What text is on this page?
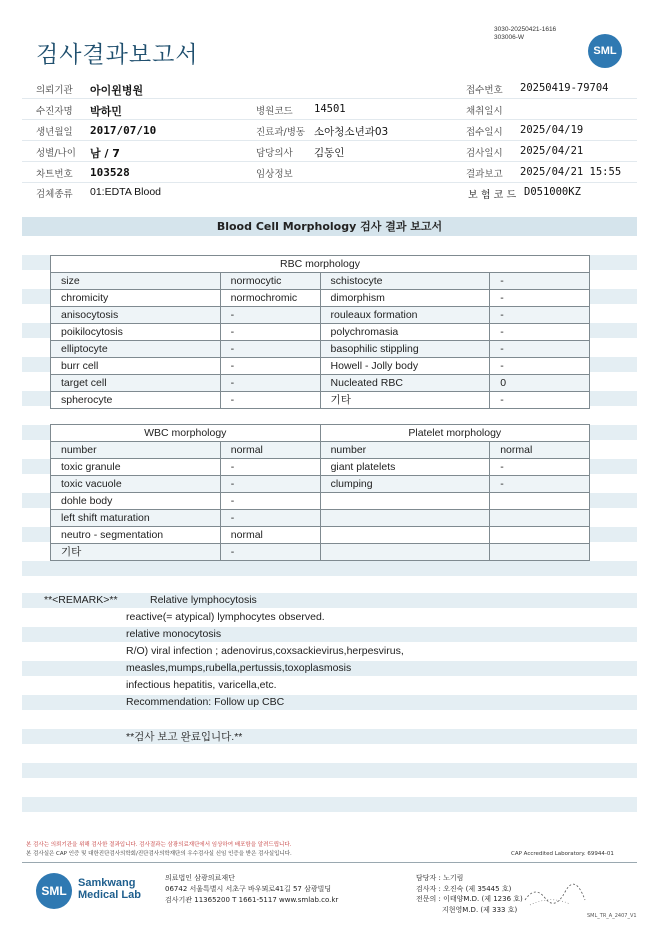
검사결과보고서
3030-20250421-1616
303006-W
SML
의뢰기관 아이윈병원	접수번호 20250419-79704
수진자명 박하민	병원코드 14501	채취일시
생년월일 2017/07/10	진료과/병동 소아청소년과03	접수일시 2025/04/19
성별/나이 남 / 7	담당의사 김동인	검사일시 2025/04/21
차트번호 103528	임상정보	결과보고 2025/04/21 15:55
검체종류 01:EDTA Blood	보 험 코 드 D051000KZ
Blood Cell Morphology 검사 결과 보고서
RBC morphology			
size	normocytic	schistocyte	-
chromicity	normochromic	dimorphism	-
anisocytosis	-	rouleaux formation	-
poikilocytosis	-	polychromasia	-
elliptocyte	-	basophilic stippling	-
burr cell	-	Howell - Jolly body	-
target cell	-	Nucleated RBC	0
spherocyte	-	기타	-
WBC morphology		Platelet morphology	
number	normal	number	normal
toxic granule	-	giant platelets	-
toxic vacuole	-	clumping	-
dohle body	-		
left shift maturation	-		
neutro - segmentation	normal		
기타	-		
**<REMARK>**	Relative lymphocytosis
reactive(= atypical) lymphocytes observed.
relative monocytosis
R/O) viral infection ; adenovirus,coxsackievirus,herpesvirus,
measles,mumps,rubella,pertussis,toxoplasmosis
infectious hepatitis, varicella,etc.
Recommendation: Follow up CBC
**검사 보고 완료입니다.**
본 검사는 의뢰기관을 위해 검사한 결과입니다. 검사결과는 삼광의료재단에서 임상하여 배포함을 알려드립니다.
본 검사실은 CAP 인증 및 대한진단검사의학회/진단검사의학재단의 우수검사실 신임 인증을 받은 검사실입니다.	CAP Accredited Laboratory. 69944-01
SML
Samkwang
Medical Lab
의료법인 삼광의료재단
06742 서울특별시 서초구 바우뫼로41길 57 삼광빌딩
검사기관 11365200 T 1661-5117 www.smlab.co.kr
담당자 : 노기림
검사자 : 오진숙 (제 35445 호)
전문의 : 이태양M.D. (제 1236 호)
지현영M.D. (제 333 호)
SML_TR_A_2407_V1
